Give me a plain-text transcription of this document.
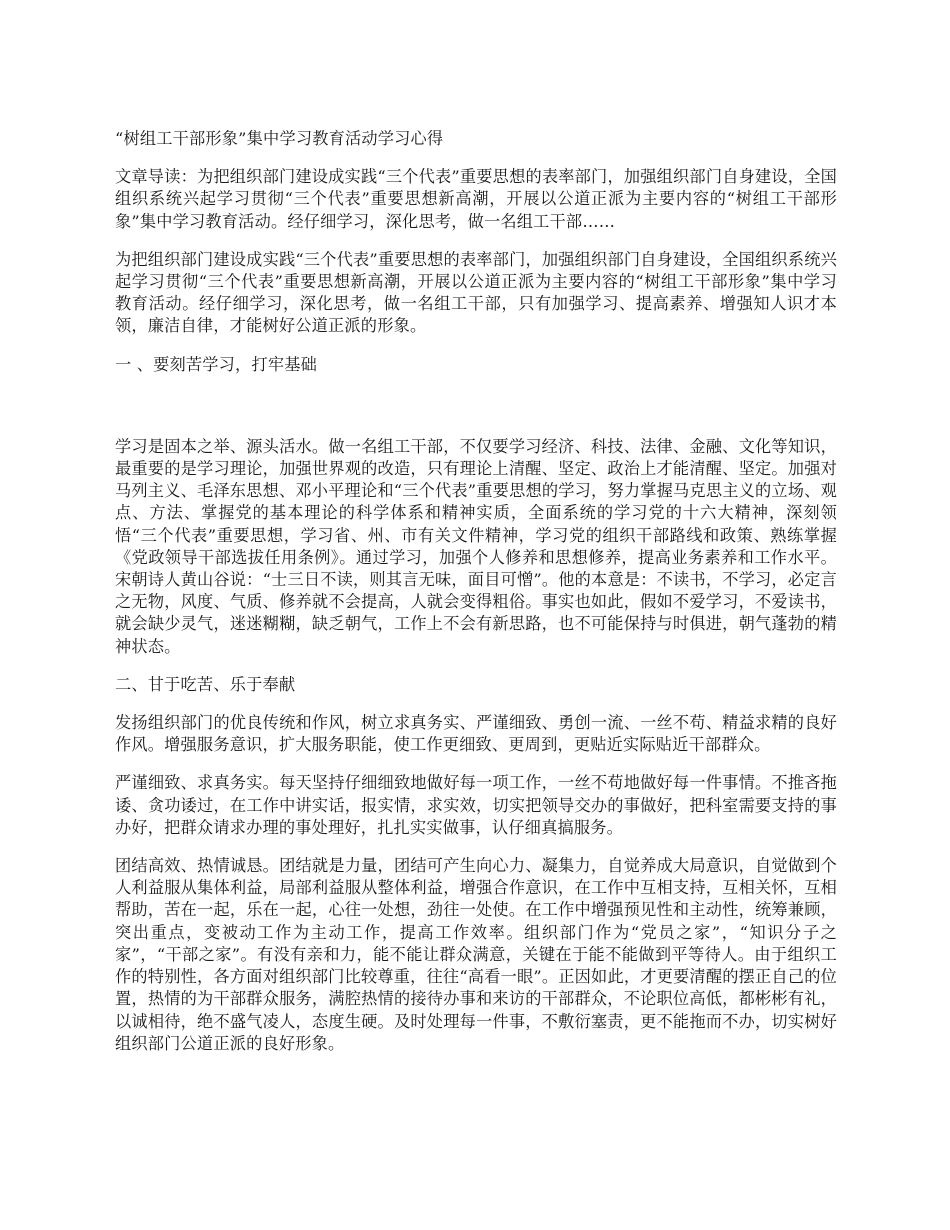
“树组工干部形象”集中学习教育活动学习心得

文章导读：为把组织部门建设成实践“三个代表”重要思想的表率部门，加强组织部门自身建设，全国组织系统兴起学习贯彻“三个代表”重要思想新高潮，开展以公道正派为主要内容的“树组工干部形象”集中学习教育活动。经仔细学习，深化思考，做一名组工干部……

为把组织部门建设成实践“三个代表”重要思想的表率部门，加强组织部门自身建设，全国组织系统兴起学习贯彻“三个代表”重要思想新高潮，开展以公道正派为主要内容的“树组工干部形象”集中学习教育活动。经仔细学习，深化思考，做一名组工干部，只有加强学习、提高素养、增强知人识才本领，廉洁自律，才能树好公道正派的形象。

一 、要刻苦学习，打牢基础

学习是固本之举、源头活水。做一名组工干部，不仅要学习经济、科技、法律、金融、文化等知识，最重要的是学习理论，加强世界观的改造，只有理论上清醒、坚定、政治上才能清醒、坚定。加强对马列主义、毛泽东思想、邓小平理论和“三个代表”重要思想的学习，努力掌握马克思主义的立场、观点、方法、掌握党的基本理论的科学体系和精神实质，全面系统的学习党的十六大精神，深刻领悟“三个代表”重要思想，学习省、州、市有关文件精神，学习党的组织干部路线和政策、熟练掌握《党政领导干部选拔任用条例》。通过学习，加强个人修养和思想修养，提高业务素养和工作水平。宋朝诗人黄山谷说：“士三日不读，则其言无味，面目可憎”。他的本意是：不读书，不学习，必定言之无物，风度、气质、修养就不会提高，人就会变得粗俗。事实也如此，假如不爱学习，不爱读书，就会缺少灵气，迷迷糊糊，缺乏朝气，工作上不会有新思路，也不可能保持与时俱进，朝气蓬勃的精神状态。

二、甘于吃苦、乐于奉献

发扬组织部门的优良传统和作风，树立求真务实、严谨细致、勇创一流、一丝不苟、精益求精的良好作风。增强服务意识，扩大服务职能，使工作更细致、更周到，更贴近实际贴近干部群众。

严谨细致、求真务实。每天坚持仔细细致地做好每一项工作，一丝不苟地做好每一件事情。不推吝拖诿、贪功诿过，在工作中讲实话，报实情，求实效，切实把领导交办的事做好，把科室需要支持的事办好，把群众请求办理的事处理好，扎扎实实做事，认仔细真搞服务。

团结高效、热情诚恳。团结就是力量，团结可产生向心力、凝集力，自觉养成大局意识，自觉做到个人利益服从集体利益，局部利益服从整体利益，增强合作意识，在工作中互相支持，互相关怀，互相帮助，苦在一起，乐在一起，心往一处想，劲往一处使。在工作中增强预见性和主动性，统筹兼顾，突出重点，变被动工作为主动工作，提高工作效率。组织部门作为“党员之家”，“知识分子之家”，“干部之家”。有没有亲和力，能不能让群众满意，关键在于能不能做到平等待人。由于组织工作的特别性，各方面对组织部门比较尊重，往往“高看一眼”。正因如此，才更要清醒的摆正自己的位置，热情的为干部群众服务，满腔热情的接待办事和来访的干部群众，不论职位高低，都彬彬有礼，以诚相待，绝不盛气凌人，态度生硬。及时处理每一件事，不敷衍塞责，更不能拖而不办，切实树好组织部门公道正派的良好形象。
